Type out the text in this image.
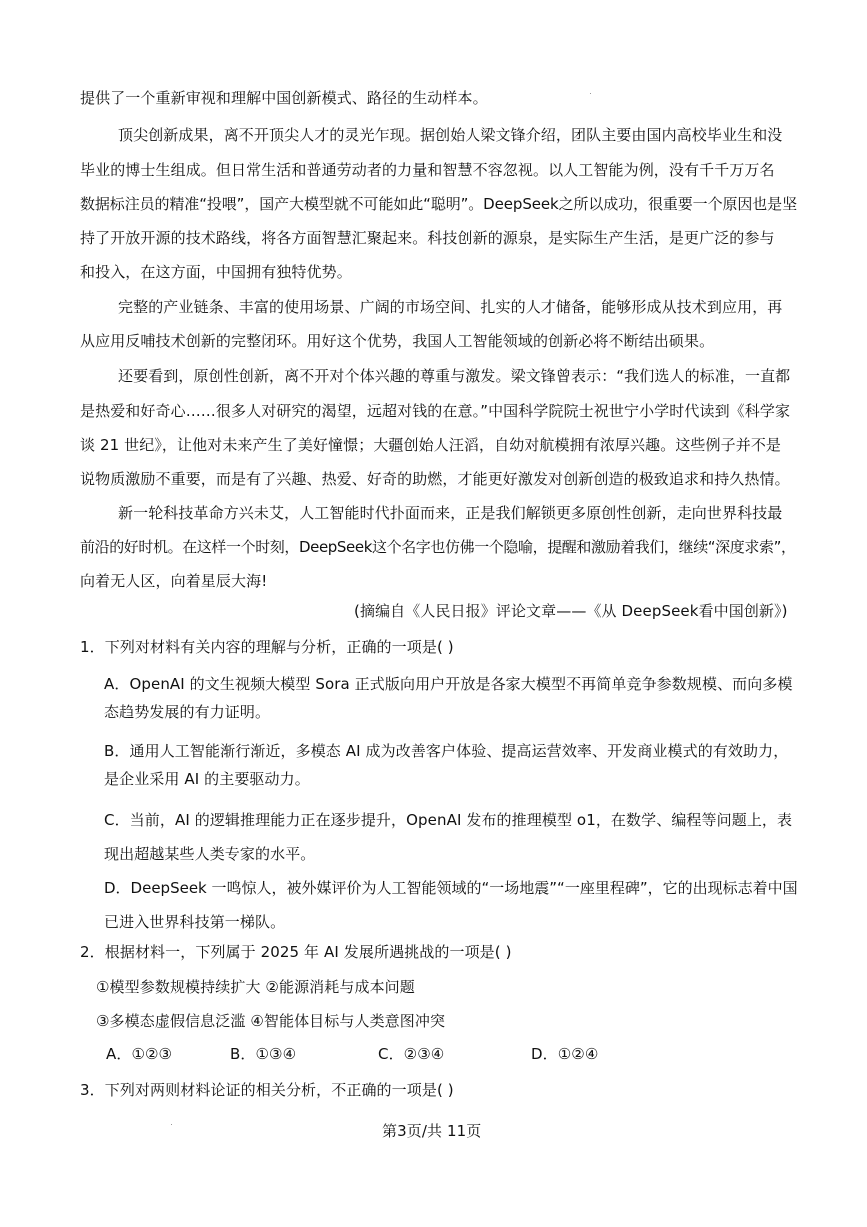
提供了一个重新审视和理解中国创新模式、路径的生动样本。
顶尖创新成果，离不开顶尖人才的灵光乍现。据创始人梁文锋介绍，团队主要由国内高校毕业生和没
毕业的博士生组成。但日常生活和普通劳动者的力量和智慧不容忽视。以人工智能为例，没有千千万万名
数据标注员的精准“投喂”，国产大模型就不可能如此“聪明”。DeepSeek之所以成功，很重要一个原因也是坚
持了开放开源的技术路线，将各方面智慧汇聚起来。科技创新的源泉，是实际生产生活，是更广泛的参与
和投入，在这方面，中国拥有独特优势。
完整的产业链条、丰富的使用场景、广阔的市场空间、扎实的人才储备，能够形成从技术到应用，再
从应用反哺技术创新的完整闭环。用好这个优势，我国人工智能领域的创新必将不断结出硕果。
还要看到，原创性创新，离不开对个体兴趣的尊重与激发。梁文锋曾表示：“我们选人的标准，一直都
是热爱和好奇心……很多人对研究的渴望，远超对钱的在意。”中国科学院院士祝世宁小学时代读到《科学家
谈 21 世纪》，让他对未来产生了美好憧憬；大疆创始人汪滔，自幼对航模拥有浓厚兴趣。这些例子并不是
说物质激励不重要，而是有了兴趣、热爱、好奇的助燃，才能更好激发对创新创造的极致追求和持久热情。
新一轮科技革命方兴未艾，人工智能时代扑面而来，正是我们解锁更多原创性创新，走向世界科技最
前沿的好时机。在这样一个时刻，DeepSeek这个名字也仿佛一个隐喻，提醒和激励着我们，继续“深度求索”，
向着无人区，向着星辰大海!
(摘编自《人民日报》评论文章——《从 DeepSeek看中国创新》)
1．下列对材料有关内容的理解与分析，正确的一项是( )
A．OpenAI 的文生视频大模型 Sora 正式版向用户开放是各家大模型不再简单竞争参数规模、而向多模
态趋势发展的有力证明。
B．通用人工智能渐行渐近，多模态 AI 成为改善客户体验、提高运营效率、开发商业模式的有效助力，
是企业采用 AI 的主要驱动力。
C．当前，AI 的逻辑推理能力正在逐步提升，OpenAI 发布的推理模型 o1，在数学、编程等问题上，表
现出超越某些人类专家的水平。
D．DeepSeek 一鸣惊人，被外媒评价为人工智能领域的“一场地震”“一座里程碑”，它的出现标志着中国
已进入世界科技第一梯队。
2．根据材料一，下列属于 2025 年 AI 发展所遇挑战的一项是( )
①模型参数规模持续扩大 ②能源消耗与成本问题
③多模态虚假信息泛滥 ④智能体目标与人类意图冲突
A．①②③	B．①③④	C．②③④	D．①②④
3．下列对两则材料论证的相关分析，不正确的一项是( )
第3页/共 11页
